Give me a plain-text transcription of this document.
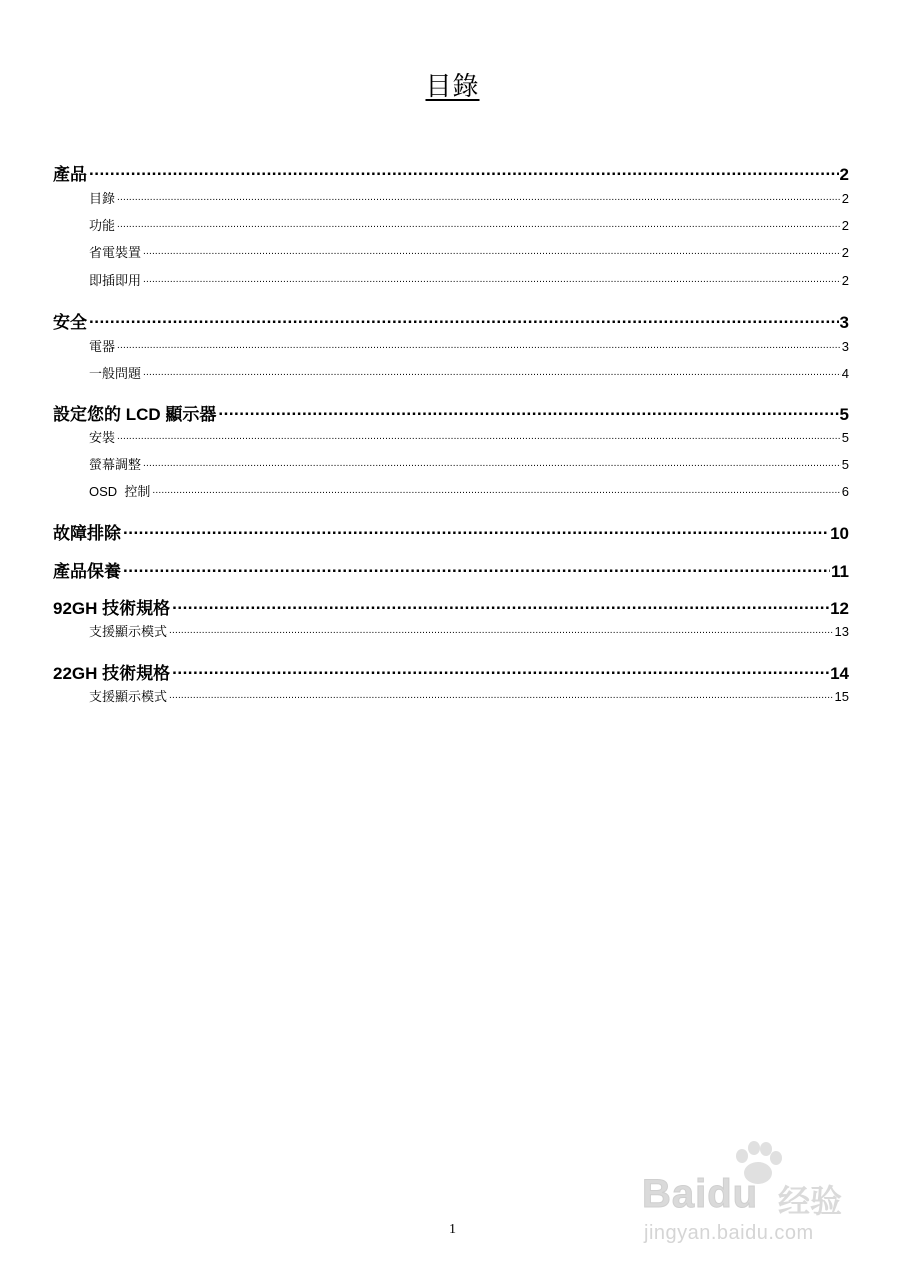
目錄
產品 .....	2
目錄 .....	2
功能 .....	2
省電裝置 .....	2
即插即用 .....	2
安全 .....	3
電器 .....	3
一般問題 .....	4
設定您的 LCD 顯示器 .....	5
安裝 .....	5
螢幕調整 .....	5
OSD  控制 .....	6
故障排除 .....	10
產品保養 .....	11
92GH 技術規格 .....	12
支援顯示模式 .....	13
22GH 技術規格 .....	14
支援顯示模式 .....	15
1
Baidu 经验
jingyan.baidu.com
